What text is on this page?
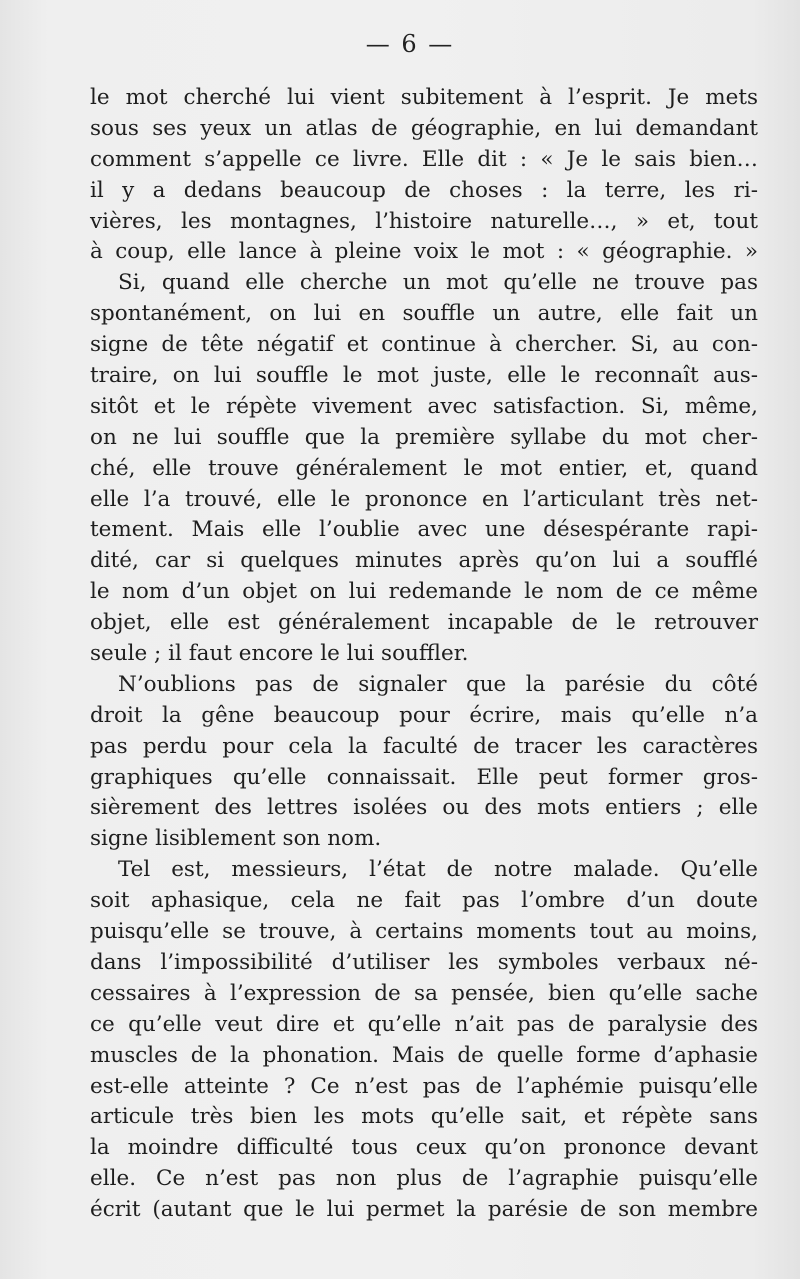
— 6 —
le mot cherché lui vient subitement à l’esprit. Je mets
sous ses yeux un atlas de géographie, en lui demandant
comment s’appelle ce livre. Elle dit : « Je le sais bien…
il y a dedans beaucoup de choses : la terre, les ri-
vières, les montagnes, l’histoire naturelle…, » et, tout
à coup, elle lance à pleine voix le mot : « géographie. »
Si, quand elle cherche un mot qu’elle ne trouve pas
spontanément, on lui en souffle un autre, elle fait un
signe de tête négatif et continue à chercher. Si, au con-
traire, on lui souffle le mot juste, elle le reconnaît aus-
sitôt et le répète vivement avec satisfaction. Si, même,
on ne lui souffle que la première syllabe du mot cher-
ché, elle trouve généralement le mot entier, et, quand
elle l’a trouvé, elle le prononce en l’articulant très net-
tement. Mais elle l’oublie avec une désespérante rapi-
dité, car si quelques minutes après qu’on lui a soufflé
le nom d’un objet on lui redemande le nom de ce même
objet, elle est généralement incapable de le retrouver
seule ; il faut encore le lui souffler.
N’oublions pas de signaler que la parésie du côté
droit la gêne beaucoup pour écrire, mais qu’elle n’a
pas perdu pour cela la faculté de tracer les caractères
graphiques qu’elle connaissait. Elle peut former gros-
sièrement des lettres isolées ou des mots entiers ; elle
signe lisiblement son nom.
Tel est, messieurs, l’état de notre malade. Qu’elle
soit aphasique, cela ne fait pas l’ombre d’un doute
puisqu’elle se trouve, à certains moments tout au moins,
dans l’impossibilité d’utiliser les symboles verbaux né-
cessaires à l’expression de sa pensée, bien qu’elle sache
ce qu’elle veut dire et qu’elle n’ait pas de paralysie des
muscles de la phonation. Mais de quelle forme d’aphasie
est-elle atteinte ? Ce n’est pas de l’aphémie puisqu’elle
articule très bien les mots qu’elle sait, et répète sans
la moindre difficulté tous ceux qu’on prononce devant
elle. Ce n’est pas non plus de l’agraphie puisqu’elle
écrit (autant que le lui permet la parésie de son membre
